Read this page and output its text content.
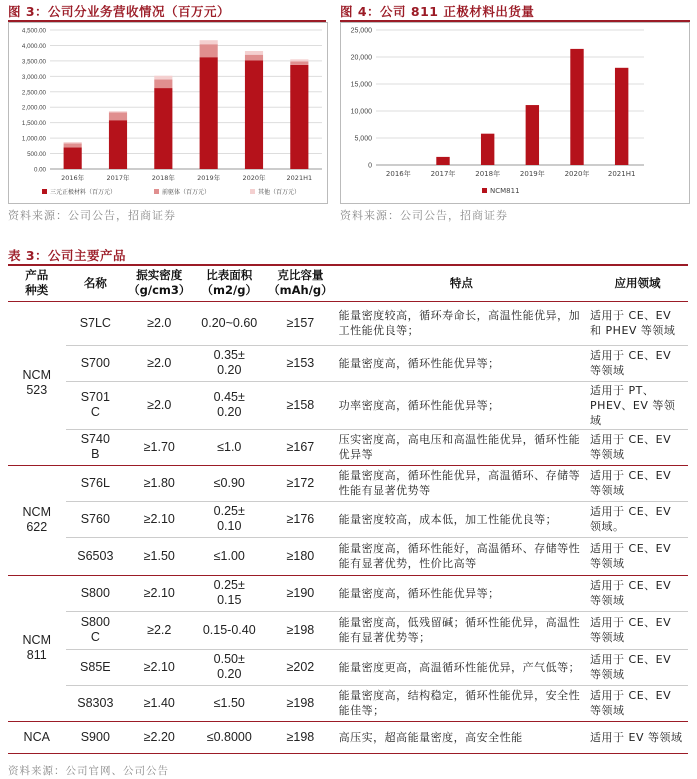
图 3：公司分业务营收情况（百万元）
0.00
500.00
1,000.00
1,500.00
2,000.00
2,500.00
3,000.00
3,500.00
4,000.00
4,500.00
2016年	2017年	2018年	2019年	2020年	2021H1
三元正极材料（百万元）	前驱体（百万元）	其他（百万元）
资料来源：公司公告，招商证券
图 4：公司 811 正极材料出货量
0
5,000
10,000
15,000
20,000
25,000
2016年	2017年	2018年	2019年	2020年	2021H1
NCM811
资料来源：公司公告，招商证券
表 3：公司主要产品
产品
种类	名称	振实密度
（g/cm3）	比表面积
（m2/g）	克比容量
（mAh/g）	特点	应用领域
NCM
523	S7LC	≥2.0	0.20~0.60	≥157	能量密度较高，循环寿命长，高温性能优异，加工性能优良等；	适用于 CE、EV 和 PHEV 等领域
	S700	≥2.0	0.35±
0.20	≥153	能量密度高，循环性能优异等；	适用于 CE、EV 等领域
	S701
C	≥2.0	0.45±
0.20	≥158	功率密度高，循环性能优异等；	适用于 PT、PHEV、EV 等领域
	S740
B	≥1.70	≤1.0	≥167	压实密度高，高电压和高温性能优异，循环性能优异等	适用于 CE、EV 等领域
NCM
622	S76L	≥1.80	≤0.90	≥172	能量密度高，循环性能优异，高温循环、存储等性能有显著优势等	适用于 CE、EV 等领域
	S760	≥2.10	0.25±
0.10	≥176	能量密度较高，成本低，加工性能优良等；	适用于 CE、EV 领域。
	S6503	≥1.50	≤1.00	≥180	能量密度高，循环性能好，高温循环、存储等性能有显著优势，性价比高等	适用于 CE、EV 等领域
NCM
811	S800	≥2.10	0.25±
0.15	≥190	能量密度高，循环性能优异等；	适用于 CE、EV 等领域
	S800
C	≥2.2	0.15-0.40	≥198	能量密度高，低残留碱；循环性能优异，高温性能有显著优势等；	适用于 CE、EV 等领域
	S85E	≥2.10	0.50±
0.20	≥202	能量密度更高，高温循环性能优异，产气低等；	适用于 CE、EV 等领域
	S8303	≥1.40	≤1.50	≥198	能量密度高，结构稳定，循环性能优异，安全性能佳等；	适用于 CE、EV 等领域
NCA	S900	≥2.20	≤0.8000	≥198	高压实，超高能量密度，高安全性能	适用于 EV 等领域
资料来源：公司官网、公司公告
